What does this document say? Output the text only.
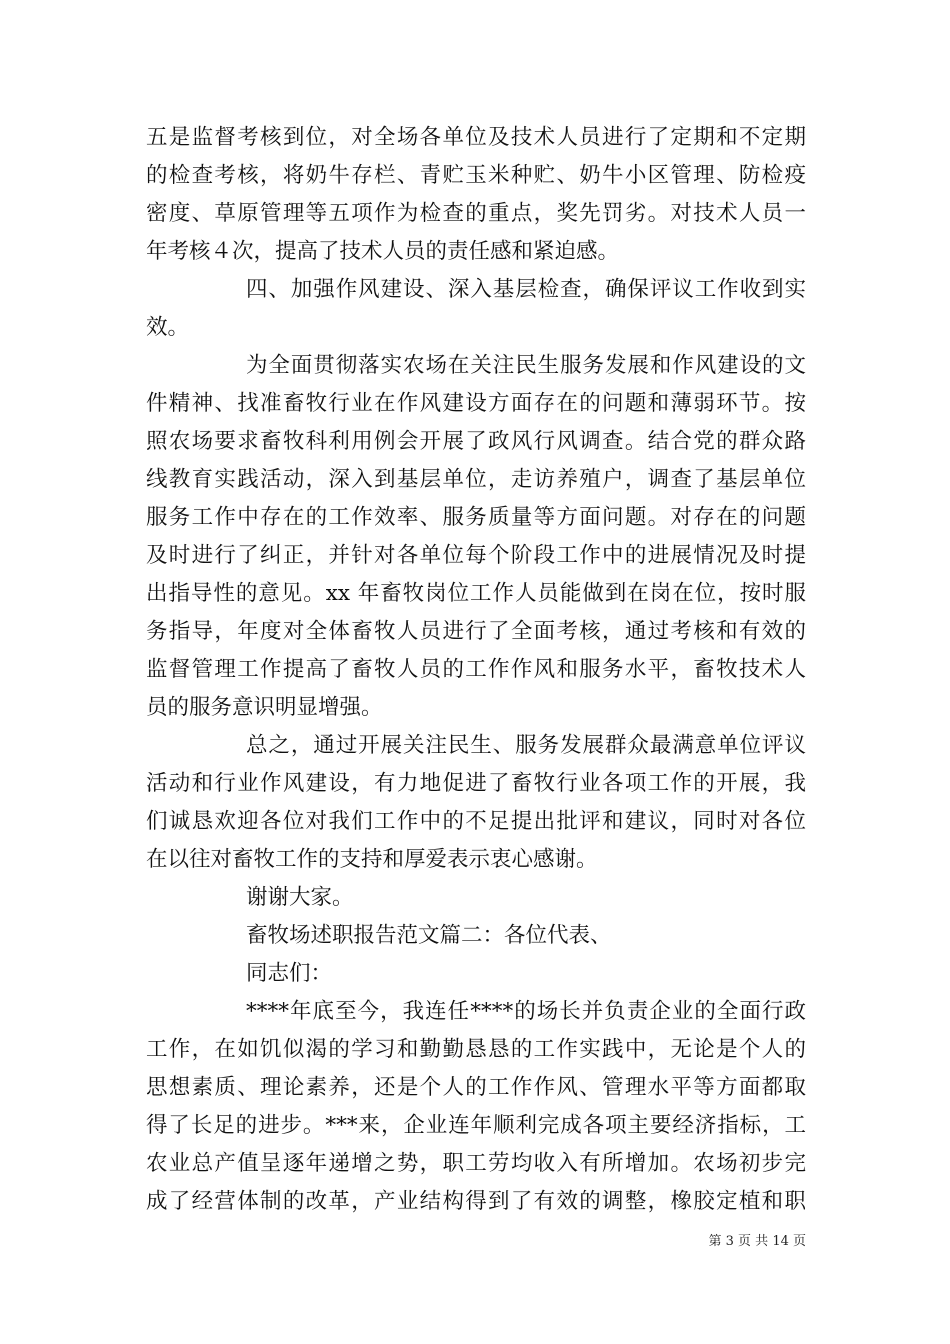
五是监督考核到位，对全场各单位及技术人员进行了定期和不定期
的检查考核，将奶牛存栏、青贮玉米种贮、奶牛小区管理、防检疫
密度、草原管理等五项作为检查的重点，奖先罚劣。对技术人员一
年考核４次，提高了技术人员的责任感和紧迫感。
四、加强作风建设、深入基层检查，确保评议工作收到实
效。
为全面贯彻落实农场在关注民生服务发展和作风建设的文
件精神、找准畜牧行业在作风建设方面存在的问题和薄弱环节。按
照农场要求畜牧科利用例会开展了政风行风调查。结合党的群众路
线教育实践活动，深入到基层单位，走访养殖户，调查了基层单位
服务工作中存在的工作效率、服务质量等方面问题。对存在的问题
及时进行了纠正，并针对各单位每个阶段工作中的进展情况及时提
出指导性的意见。xx 年畜牧岗位工作人员能做到在岗在位，按时服
务指导，年度对全体畜牧人员进行了全面考核，通过考核和有效的
监督管理工作提高了畜牧人员的工作作风和服务水平，畜牧技术人
员的服务意识明显增强。
总之，通过开展关注民生、服务发展群众最满意单位评议
活动和行业作风建设，有力地促进了畜牧行业各项工作的开展，我
们诚恳欢迎各位对我们工作中的不足提出批评和建议，同时对各位
在以往对畜牧工作的支持和厚爱表示衷心感谢。
谢谢大家。
畜牧场述职报告范文篇二：各位代表、
同志们：
****年底至今，我连任****的场长并负责企业的全面行政
工作，在如饥似渴的学习和勤勤恳恳的工作实践中，无论是个人的
思想素质、理论素养，还是个人的工作作风、管理水平等方面都取
得了长足的进步。***来，企业连年顺利完成各项主要经济指标，工
农业总产值呈逐年递增之势，职工劳均收入有所增加。农场初步完
成了经营体制的改革，产业结构得到了有效的调整，橡胶定植和职
第 3 页 共 14 页
